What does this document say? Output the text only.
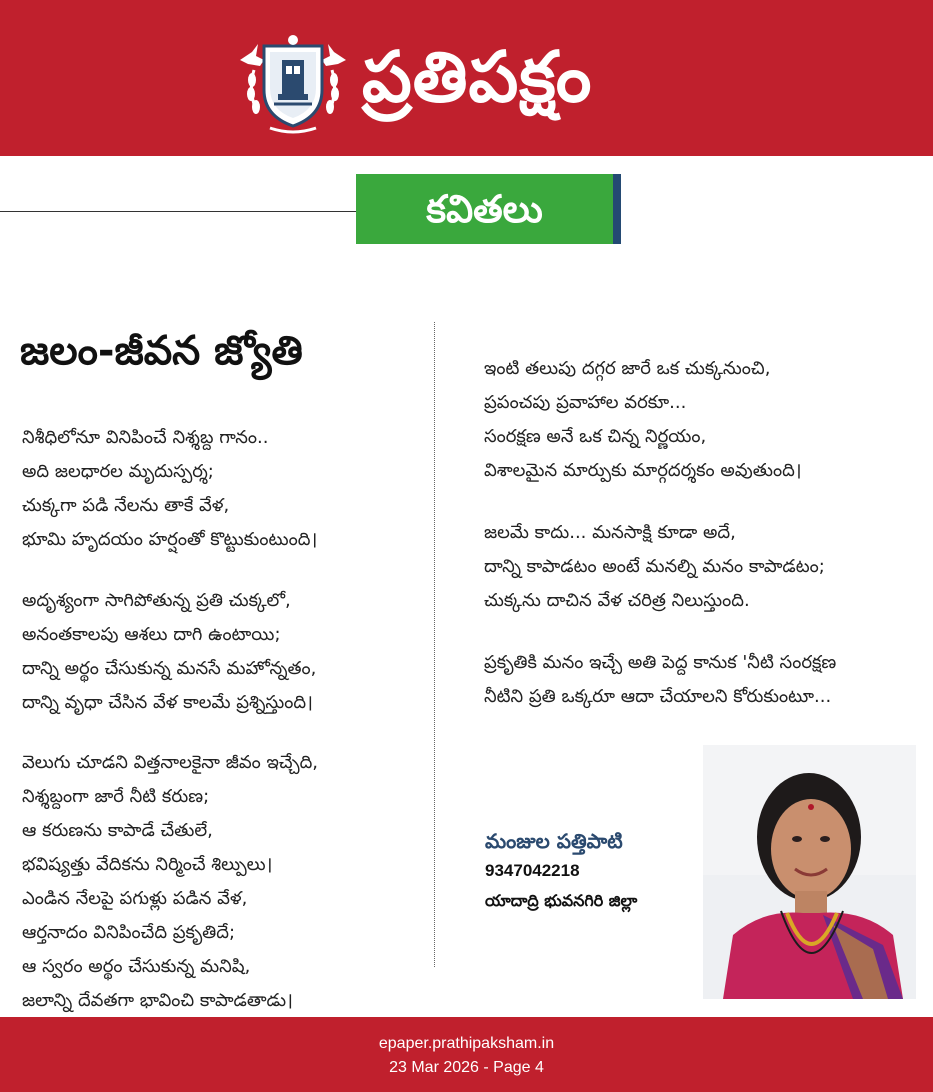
ప్రతిపక్షం
కవితలు
జలం-జీవన జ్యోతి
నిశీధిలోనూ వినిపించే నిశ్శబ్ద గానం..
అది జలధారల మృదుస్పర్శ;
చుక్కగా పడి నేలను తాకే వేళ,
భూమి హృదయం హర్షంతో కొట్టుకుంటుంది।
అదృశ్యంగా సాగిపోతున్న ప్రతి చుక్కలో,
అనంతకాలపు ఆశలు దాగి ఉంటాయి;
దాన్ని అర్థం చేసుకున్న మనసే మహోన్నతం,
దాన్ని వృధా చేసిన వేళ కాలమే ప్రశ్నిస్తుంది।
వెలుగు చూడని విత్తనాలకైనా జీవం ఇచ్చేది,
నిశ్శబ్దంగా జారే నీటి కరుణ;
ఆ కరుణను కాపాడే చేతులే,
భవిష్యత్తు వేదికను నిర్మించే శిల్పులు।
ఎండిన నేలపై పగుళ్లు పడిన వేళ,
ఆర్తనాదం వినిపించేది ప్రకృతిదే;
ఆ స్వరం అర్థం చేసుకున్న మనిషి,
జలాన్ని దేవతగా భావించి కాపాడతాడు।
ఇంటి తలుపు దగ్గర జారే ఒక చుక్కనుంచి,
ప్రపంచపు ప్రవాహాల వరకూ...
సంరక్షణ అనే ఒక చిన్న నిర్ణయం,
విశాలమైన మార్పుకు మార్గదర్శకం అవుతుంది।
జలమే కాదు... మనసాక్షి కూడా అదే,
దాన్ని కాపాడటం అంటే మనల్ని మనం కాపాడటం;
చుక్కను దాచిన వేళ చరిత్ర నిలుస్తుంది.
ప్రకృతికి మనం ఇచ్చే అతి పెద్ద కానుక 'నీటి సంరక్షణ
నీటిని ప్రతి ఒక్కరూ ఆదా చేయాలని కోరుకుంటూ...
మంజుల పత్తిపాటి
9347042218
యాదాద్రి భువనగిరి జిల్లా
epaper.prathipaksham.in
23 Mar 2026 - Page 4
